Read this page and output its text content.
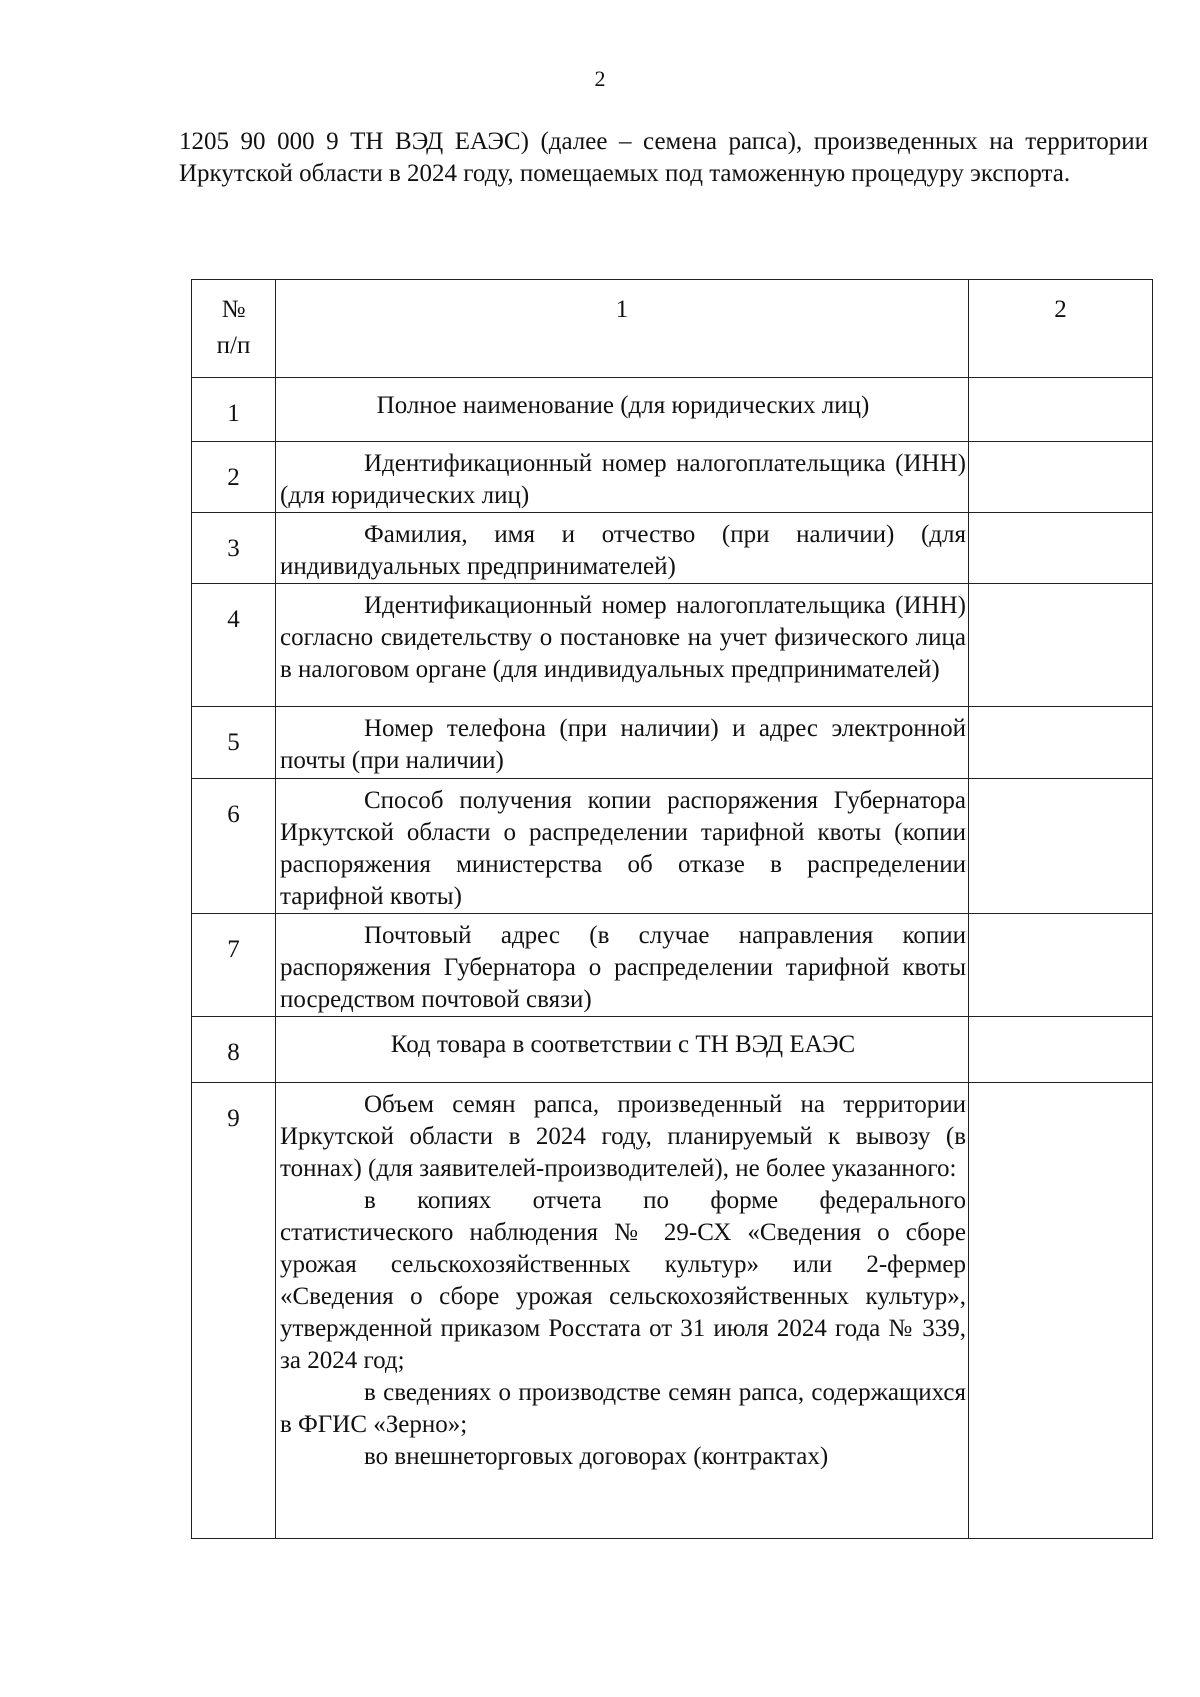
2

1205 90 000 9 ТН ВЭД ЕАЭС) (далее – семена рапса), произведенных на территории Иркутской области в 2024 году, помещаемых под таможенную процедуру экспорта.

№
п/п	1	2
1	Полное наименование (для юридических лиц)	
2	Идентификационный номер налогоплательщика (ИНН) (для юридических лиц)	

3	Фамилия, имя и отчество (при наличии) (для индивидуальных предпринимателей)	

4	Идентификационный номер налогоплательщика (ИНН) согласно свидетельству о постановке на учет физического лица в налоговом органе (для индивидуальных предпринимателей)	

5	Номер телефона (при наличии) и адрес электронной почты (при наличии)	

6	Способ получения копии распоряжения Губернатора Иркутской области о распределении тарифной квоты (копии распоряжения министерства об отказе в распределении тарифной квоты)	

7	Почтовый адрес (в случае направления копии распоряжения Губернатора о распределении тарифной квоты посредством почтовой связи)	

8	Код товара в соответствии с ТН ВЭД ЕАЭС	
9	Объем семян рапса, произведенный на территории Иркутской области в 2024 году, планируемый к вывозу (в тоннах) (для заявителей-производителей), не более указанного:
в копиях отчета по форме федерального статистического наблюдения № 29-СХ «Сведения о сборе урожая сельскохозяйственных культур» или 2-фермер «Сведения о сборе урожая сельскохозяйственных культур», утвержденной приказом Росстата от 31 июля 2024 года № 339, за 2024 год;
в сведениях о производстве семян рапса, содержащихся в ФГИС «Зерно»;
во внешнеторговых договорах (контрактах)	
